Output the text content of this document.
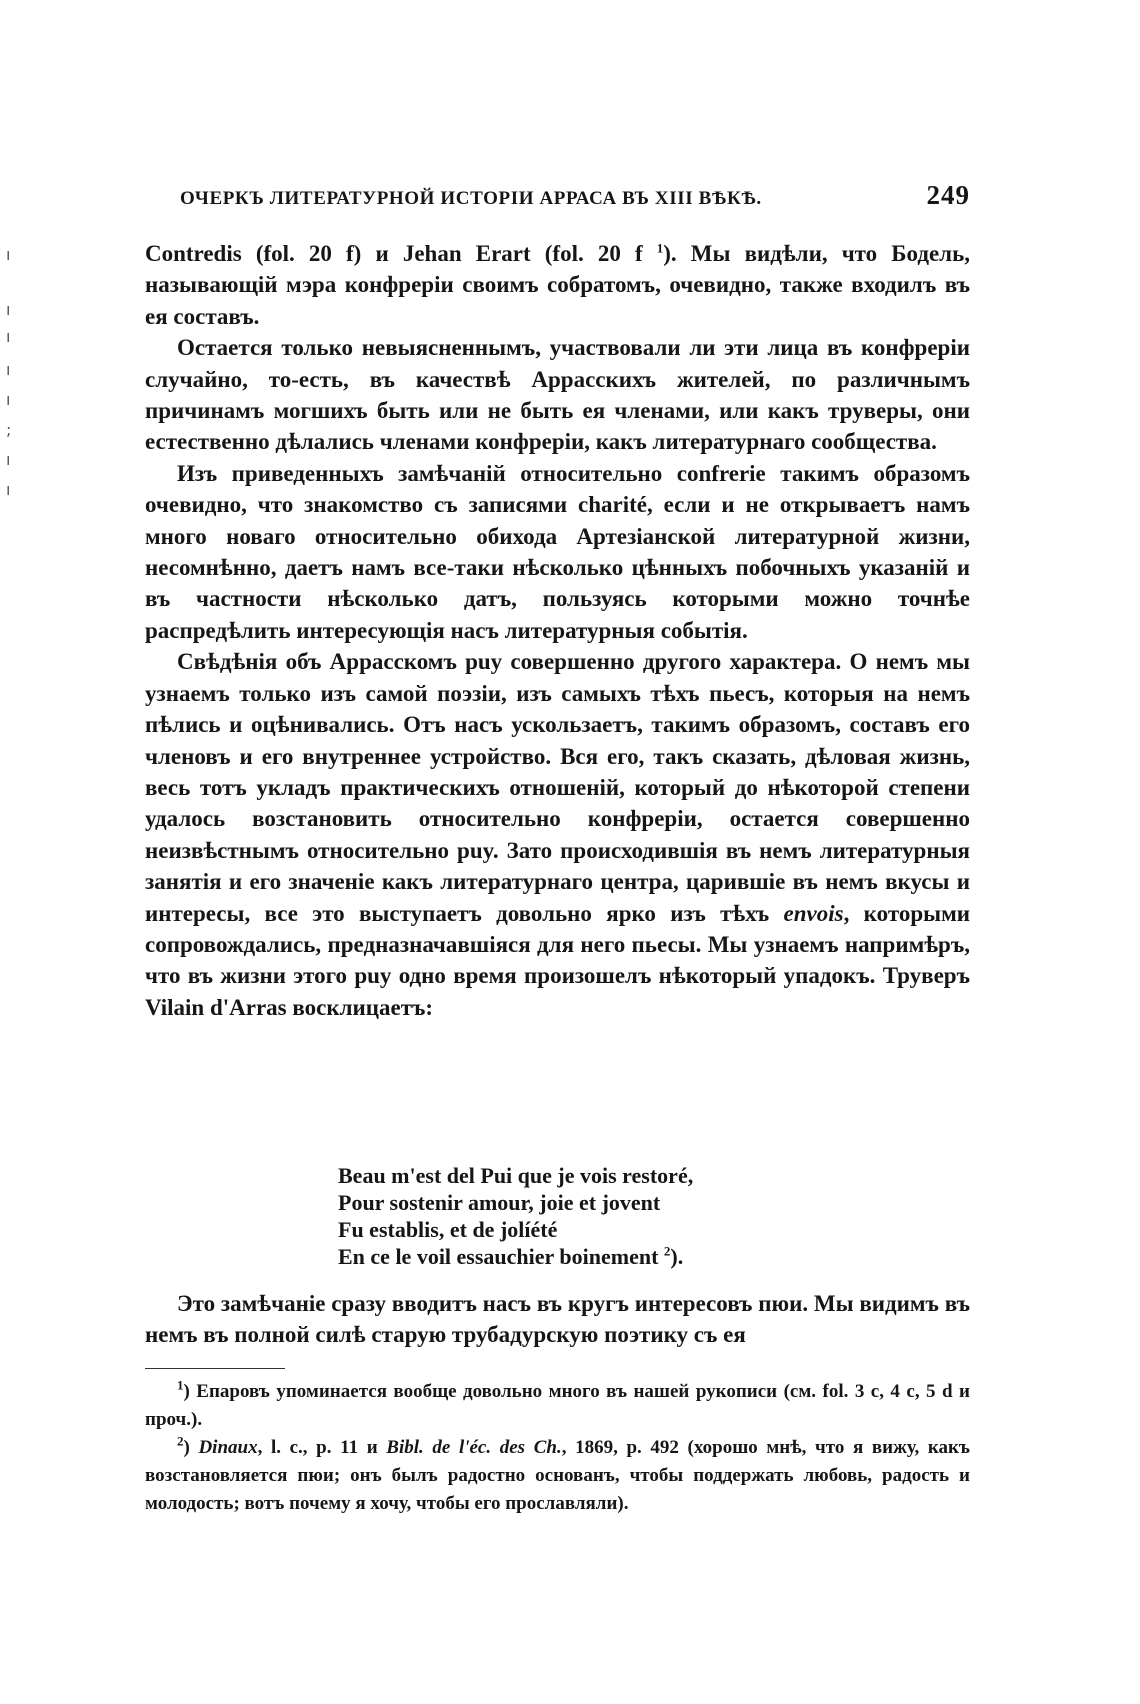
ı
ı
ı
ı
ı
;
ı
ı
ОЧЕРКЪ ЛИТЕРАТУРНОЙ ИСТОРІИ АРРАСА ВЪ XIII ВѢКѢ.	249

Contredis (fol. 20 f) и Jehan Erart (fol. 20 f $^1$). Мы видѣли, что Бодель, называющій мэра конфреріи своимъ собратомъ, очевидно, также входилъ въ ея составъ.

Остается только невыясненнымъ, участвовали ли эти лица въ конфреріи случайно, то-есть, въ качествѣ Аррасскихъ жителей, по различнымъ причинамъ могшихъ быть или не быть ея членами, или какъ труверы, они естественно дѣлались членами конфреріи, какъ литературнаго сообщества.

Изъ приведенныхъ замѣчаній относительно confrerie такимъ образомъ очевидно, что знакомство съ записями charité, если и не открываетъ намъ много новаго относительно обихода Артезіанской литературной жизни, несомнѣнно, даетъ намъ все-таки нѣсколько цѣнныхъ побочныхъ указаній и въ частности нѣсколько датъ, пользуясь которыми можно точнѣе распредѣлить интересующія насъ литературныя событія.

Свѣдѣнія объ Аррасскомъ puy совершенно другого характера. О немъ мы узнаемъ только изъ самой поэзіи, изъ самыхъ тѣхъ пьесъ, которыя на немъ пѣлись и оцѣнивались. Отъ насъ ускользаетъ, такимъ образомъ, составъ его членовъ и его внутреннее устройство. Вся его, такъ сказать, дѣловая жизнь, весь тотъ укладъ практическихъ отношеній, который до нѣкоторой степени удалось возстановить относительно конфреріи, остается совершенно неизвѣстнымъ относительно puy. Зато происходившія въ немъ литературныя занятія и его значеніе какъ литературнаго центра, царившіе въ немъ вкусы и интересы, все это выступаетъ довольно ярко изъ тѣхъ envois, которыми сопровождались, предназначавшіяся для него пьесы. Мы узнаемъ напримѣръ, что въ жизни этого puy одно время произошелъ нѣкоторый упадокъ. Труверъ Vilain d'Arras восклицаетъ:

Beau m'est del Pui que je vois restoré,
Pour sostenir amour, joie et jovent
Fu establis, et de jolíété
En ce le voil essauchier boinement $^2$).

Это замѣчаніе сразу вводитъ насъ въ кругъ интересовъ пюи. Мы видимъ въ немъ въ полной силѣ старую трубадурскую поэтику съ ея

$^1$) Епаровъ упоминается вообще довольно много въ нашей рукописи (см. fol. 3 c, 4 c, 5 d и проч.).

$^2$) Dinaux, l. c., p. 11 и Bibl. de l'éc. des Ch., 1869, p. 492 (хорошо мнѣ, что я вижу, какъ возстановляется пюи; онъ былъ радостно основанъ, чтобы поддержать любовь, радость и молодость; вотъ почему я хочу, чтобы его прославляли).
